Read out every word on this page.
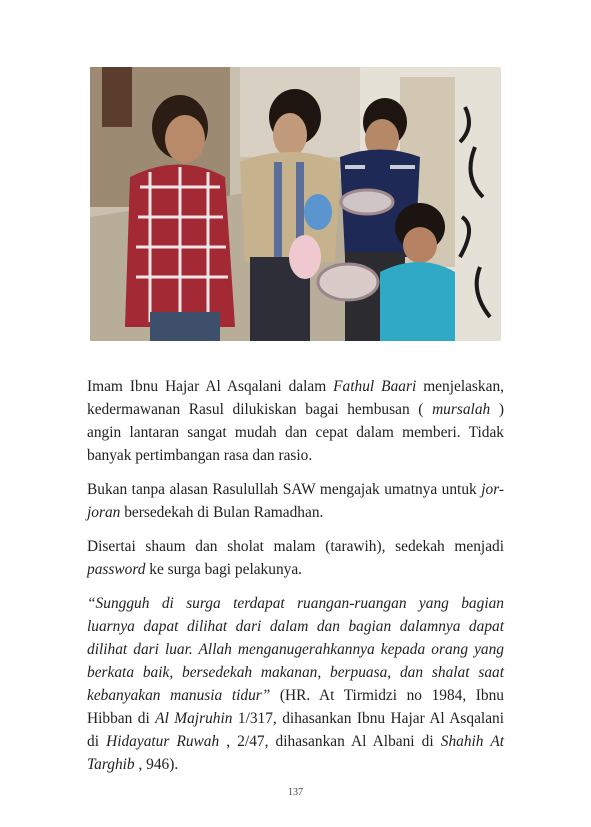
Imam Ibnu Hajar Al Asqalani dalam Fathul Baari menjelaskan, kedermawanan Rasul dilukiskan bagai hembusan ( mursalah ) angin lantaran sangat mudah dan cepat dalam memberi. Tidak banyak pertimbangan rasa dan rasio.

Bukan tanpa alasan Rasulullah SAW mengajak umatnya untuk jor-joran bersedekah di Bulan Ramadhan.

Disertai shaum dan sholat malam (tarawih), sedekah menjadi password ke surga bagi pelakunya.

“Sungguh di surga terdapat ruangan-ruangan yang bagian luarnya dapat dilihat dari dalam dan bagian dalamnya dapat dilihat dari luar. Allah menganugerahkannya kepada orang yang berkata baik, bersedekah makanan, berpuasa, dan shalat saat kebanyakan manusia tidur” (HR. At Tirmidzi no 1984, Ibnu Hibban di Al Majruhin 1/317, dihasankan Ibnu Hajar Al Asqalani di Hidayatur Ruwah , 2/47, dihasankan Al Albani di Shahih At Targhib , 946).

137
